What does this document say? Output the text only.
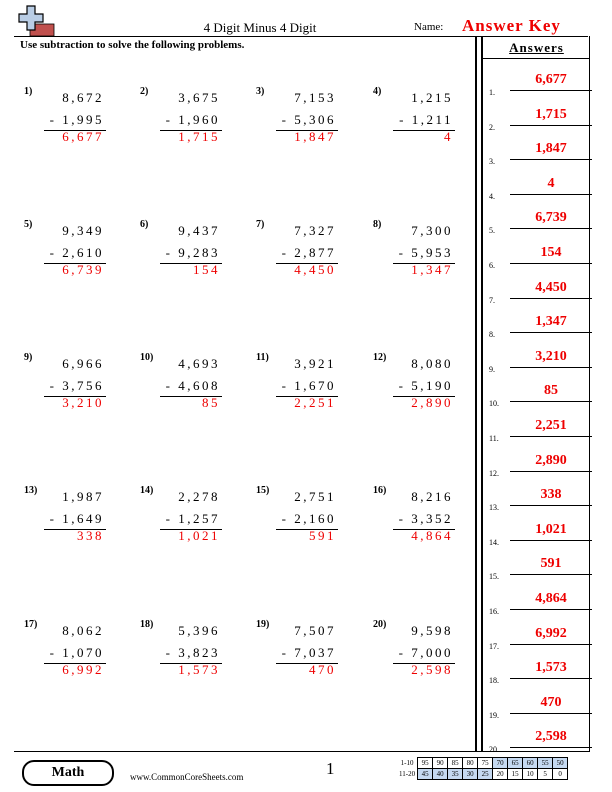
4 Digit Minus 4 Digit	Name: Answer Key
Use subtraction to solve the following problems.
1) 8,672
- 1,995
6,677
2) 3,675
- 1,960
1,715
3) 7,153
- 5,306
1,847
4) 1,215
- 1,211
4
5) 9,349
- 2,610
6,739
6) 9,437
- 9,283
154
7) 7,327
- 2,877
4,450
8) 7,300
- 5,953
1,347
9) 6,966
- 3,756
3,210
10) 4,693
- 4,608
85
11) 3,921
- 1,670
2,251
12) 8,080
- 5,190
2,890
13) 1,987
- 1,649
338
14) 2,278
- 1,257
1,021
15) 2,751
- 2,160
591
16) 8,216
- 3,352
4,864
17) 8,062
- 1,070
6,992
18) 5,396
- 3,823
1,573
19) 7,507
- 7,037
470
20) 9,598
- 7,000
2,598
Answers
1.
6,677
2.
1,715
3.
1,847
4.
4
5.
6,739
6.
154
7.
4,450
8.
1,347
9.
3,210
10.
85
11.
2,251
12.
2,890
13.
338
14.
1,021
15.
591
16.
4,864
17.
6,992
18.
1,573
19.
470
20.
2,598
Math	www.CommonCoreSheets.com	1	1-10	95	90	85	80	75	70	65	60	55	50
11-20	45	40	35	30	25	20	15	10	5	0
